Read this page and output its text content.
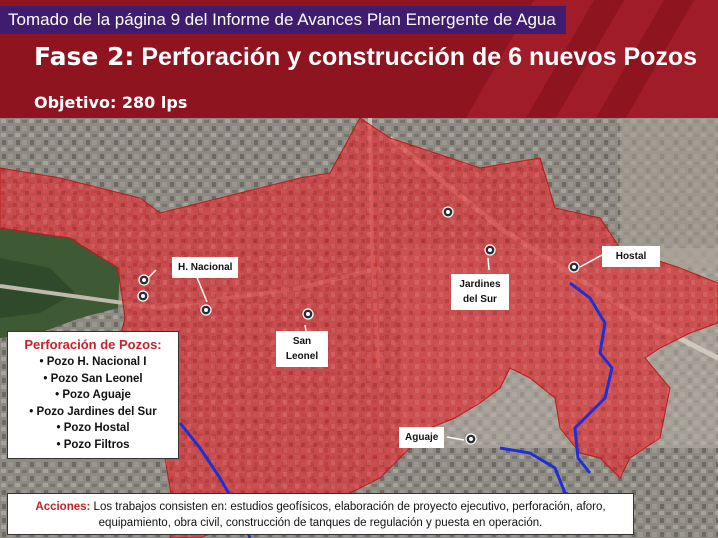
Tomado de la página 9 del Informe de Avances Plan Emergente de Agua
Fase 2: Perforación y construcción de 6 nuevos Pozos

Objetivo: 280 lps

H. Nacional
San
Leonel
Jardines
del Sur
Hostal
Aguaje
Perforación de Pozos:
• Pozo H. Nacional I
• Pozo San Leonel
• Pozo Aguaje
• Pozo Jardines del Sur
• Pozo Hostal
• Pozo Filtros
Acciones: Los trabajos consisten en: estudios geofísicos, elaboración de proyecto ejecutivo, perforación, aforo, equipamiento, obra civil, construcción de tanques de regulación y puesta en operación.
